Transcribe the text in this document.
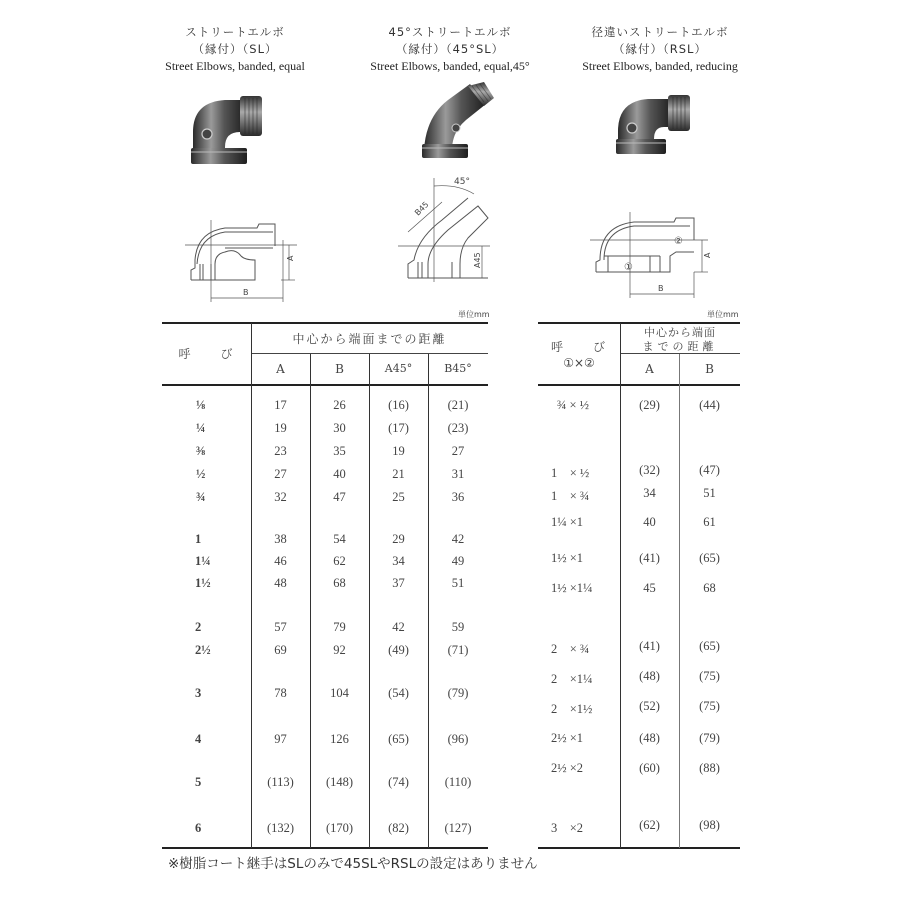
ストリートエルボ
（縁付）（SL）
Street Elbows, banded, equal
45°ストリートエルボ
（縁付）（45°SL）
Street Elbows, banded, equal,45°
径違いストリートエルボ
（縁付）（RSL）
Street Elbows, banded, reducing
A
B
45°
B45
A45
②
①
A
B
単位mm	単位mm
呼　　び
中心から端面までの距離
A	B	A45°	B45°
⅛	17	26	(16)	(21)
¼	19	30	(17)	(23)
⅜	23	35	19	27
½	27	40	21	31
¾	32	47	25	36
1	38	54	29	42
1¼	46	62	34	49
1½	48	68	37	51
2	57	79	42	59
2½	69	92	(49)	(71)
3	78	104	(54)	(79)
4	97	126	(65)	(96)
5	(113)	(148)	(74)	(110)
6	(132)	(170)	(82)	(127)
呼　　び
①×②
中心から端面
までの距離
A	B
¾ × ½	(29)	(44)
1　× ½	(32)	(47)
1　× ¾	34	51
1¼ ×1	40	61
1½ ×1	(41)	(65)
1½ ×1¼	45	68
2　× ¾	(41)	(65)
2　×1¼	(48)	(75)
2　×1½	(52)	(75)
2½ ×1	(48)	(79)
2½ ×2	(60)	(88)
3　×2	(62)	(98)
※樹脂コート継手はSLのみで45SLやRSLの設定はありません
